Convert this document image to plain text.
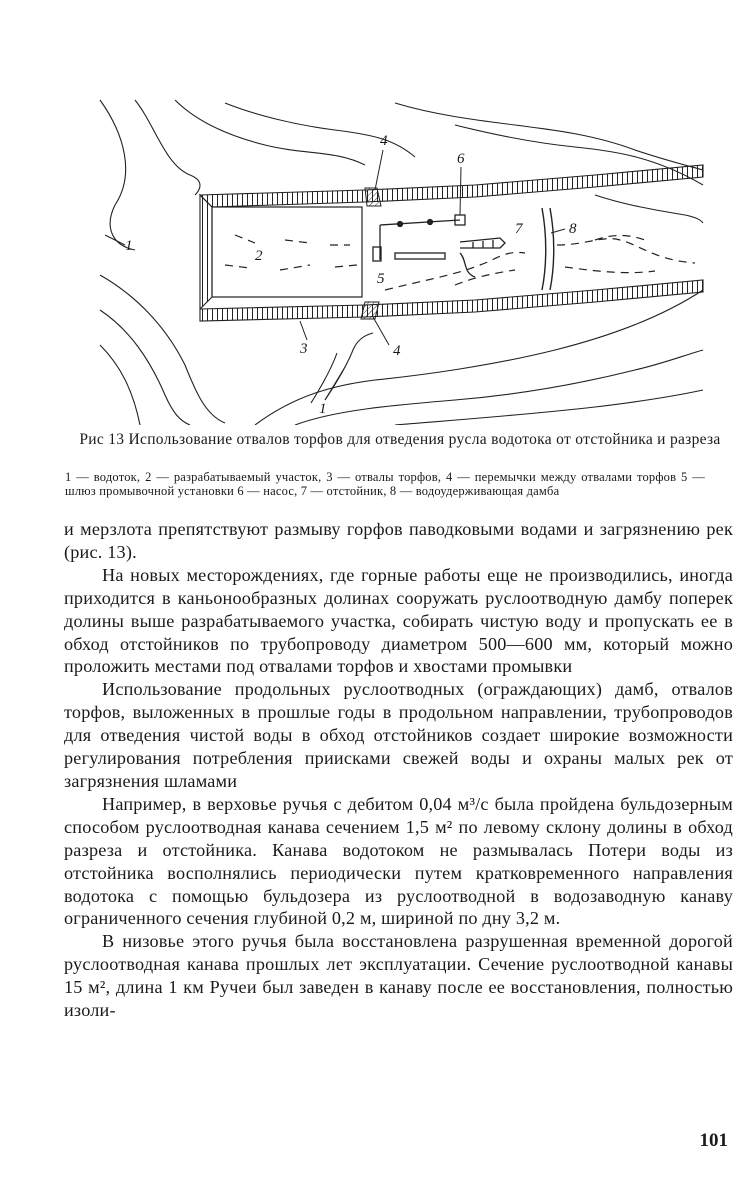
1
2
3
4
4
5
6
7	8
1
Рис 13 Использование отвалов торфов для отведения русла водотока от отстойника и разреза
1 — водоток, 2 — разрабатываемый участок, 3 — отвалы торфов, 4 — перемычки между отвалами торфов 5 — шлюз промывочной установки 6 — насос, 7 — отстойник, 8 — водоудерживающая дамба

и мерзлота препятствуют размыву горфов паводковыми водами и загрязнению рек (рис. 13).

На новых месторождениях, где горные работы еще не производились, иногда приходится в каньонообразных долинах сооружать руслоотводную дамбу поперек долины выше разрабатываемого участка, собирать чистую воду и пропускать ее в обход отстойников по трубопроводу диаметром 500—600 мм, который можно проложить местами под отвалами торфов и хвостами промывки

Использование продольных руслоотводных (ограждающих) дамб, отвалов торфов, выложенных в прошлые годы в продольном направлении, трубопроводов для отведения чистой воды в обход отстойников создает широкие возможности регулирования потребления приисками свежей воды и охраны малых рек от загрязнения шламами

Например, в верховье ручья с дебитом 0,04 м³/с была пройдена бульдозерным способом руслоотводная канава сечением 1,5 м² по левому склону долины в обход разреза и отстойника. Канава водотоком не размывалась Потери воды из отстойника восполнялись периодически путем кратковременного направления водотока с помощью бульдозера из руслоотводной в водозаводную канаву ограниченного сечения глубиной 0,2 м, шириной по дну 3,2 м.

В низовье этого ручья была восстановлена разрушенная временной дорогой руслоотводная канава прошлых лет эксплуатации. Сечение руслоотводной канавы 15 м², длина 1 км Ручеи был заведен в канаву после ее восстановления, полностью изоли-

101
